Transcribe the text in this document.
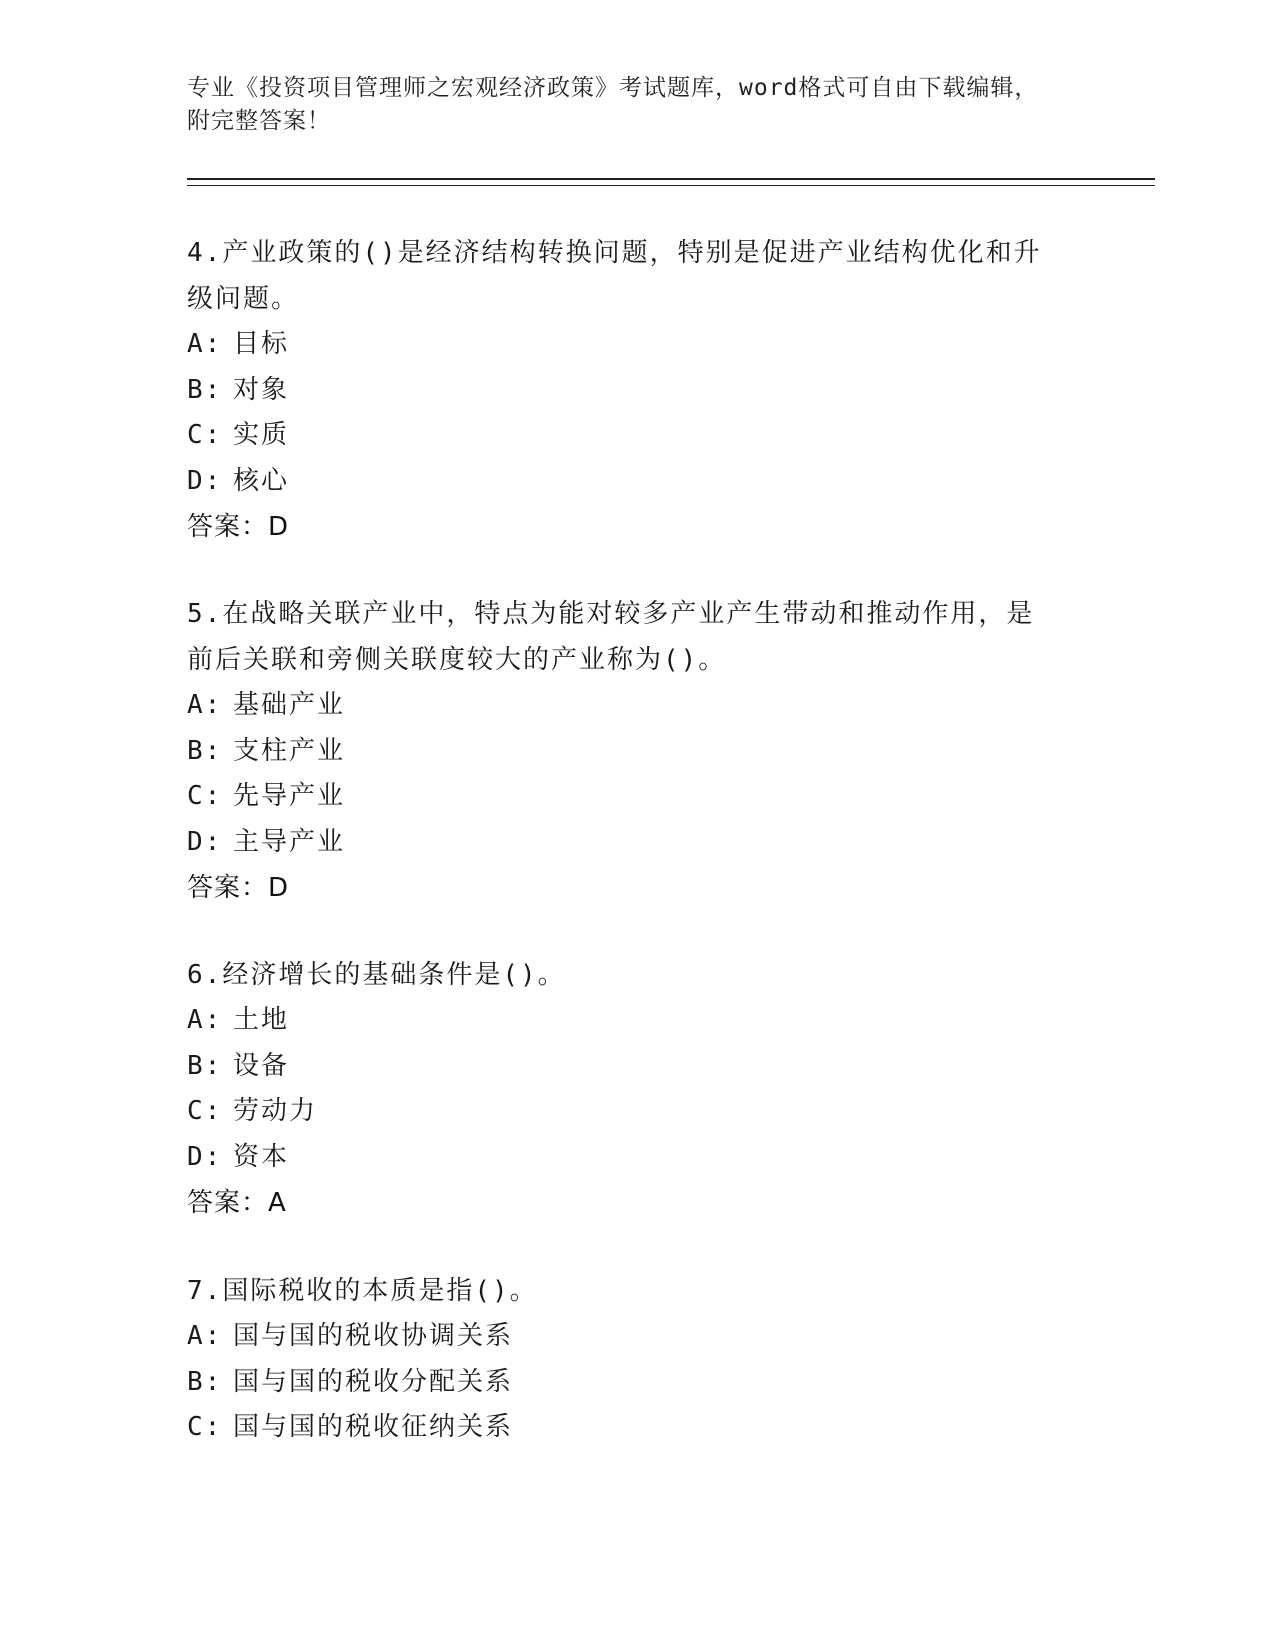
专业《投资项目管理师之宏观经济政策》考试题库，word格式可自由下载编辑，
附完整答案！

4.产业政策的()是经济结构转换问题，特别是促进产业结构优化和升

级问题。

A: 目标

B: 对象

C: 实质

D: 核心

答案：D

5.在战略关联产业中，特点为能对较多产业产生带动和推动作用，是

前后关联和旁侧关联度较大的产业称为()。

A: 基础产业

B: 支柱产业

C: 先导产业

D: 主导产业

答案：D

6.经济增长的基础条件是()。

A: 土地

B: 设备

C: 劳动力

D: 资本

答案：A

7.国际税收的本质是指()。

A: 国与国的税收协调关系

B: 国与国的税收分配关系

C: 国与国的税收征纳关系
